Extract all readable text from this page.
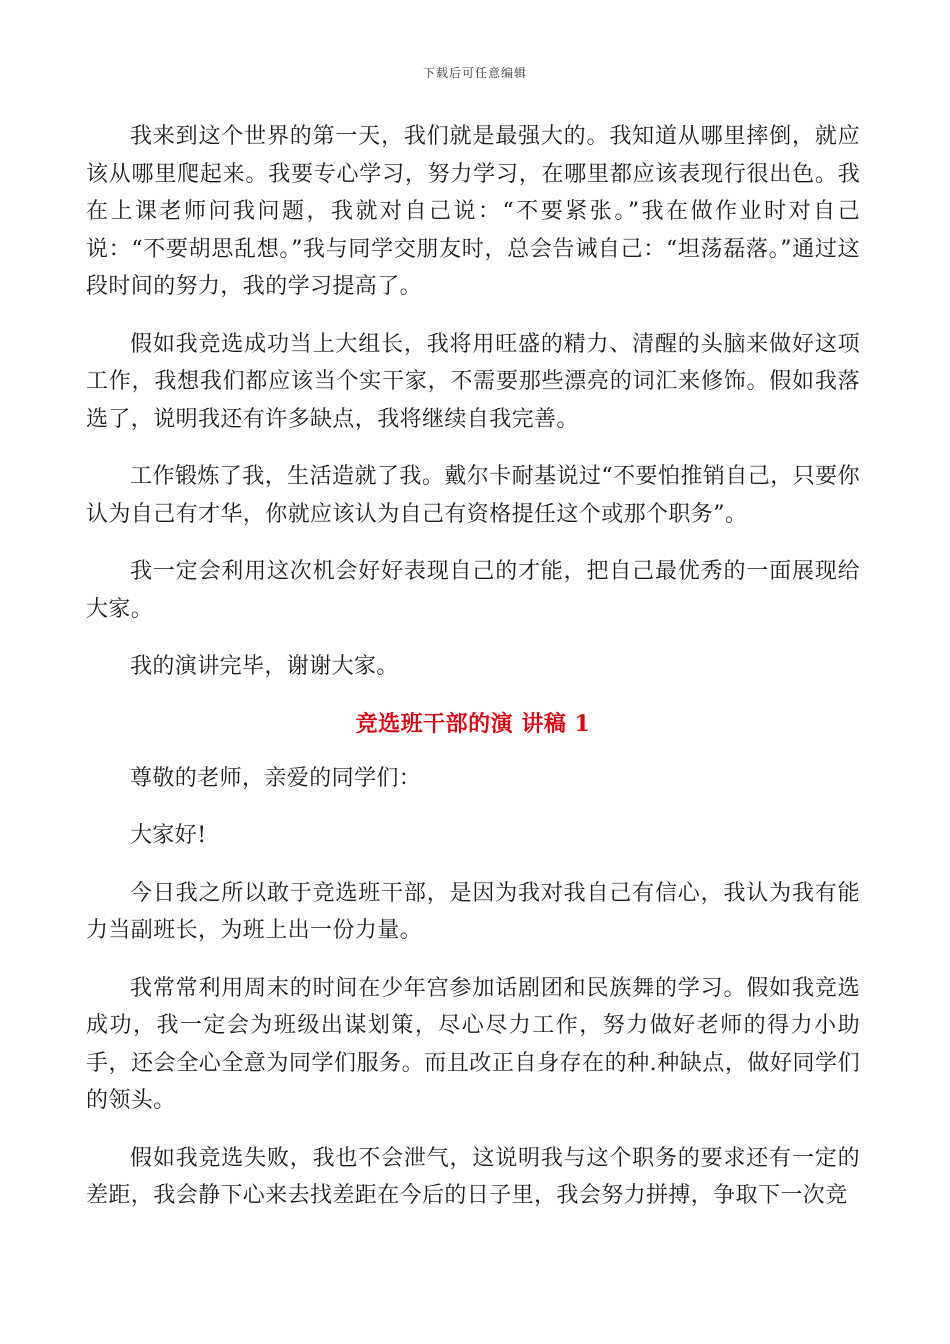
下载后可任意编辑

我来到这个世界的第一天，我们就是最强大的。我知道从哪里摔倒，就应该从哪里爬起来。我要专心学习，努力学习，在哪里都应该表现行很出色。我在上课老师问我问题，我就对自己说：“不要紧张。”我在做作业时对自己说：“不要胡思乱想。”我与同学交朋友时，总会告诫自己：“坦荡磊落。”通过这段时间的努力，我的学习提高了。

假如我竞选成功当上大组长，我将用旺盛的精力、清醒的头脑来做好这项工作，我想我们都应该当个实干家，不需要那些漂亮的词汇来修饰。假如我落选了，说明我还有许多缺点，我将继续自我完善。

工作锻炼了我，生活造就了我。戴尔卡耐基说过“不要怕推销自己，只要你认为自己有才华，你就应该认为自己有资格提任这个或那个职务”。

我一定会利用这次机会好好表现自己的才能，把自己最优秀的一面展现给大家。

我的演讲完毕，谢谢大家。

竞选班干部的演 讲稿 1

尊敬的老师，亲爱的同学们：

大家好!

今日我之所以敢于竞选班干部，是因为我对我自己有信心，我认为我有能力当副班长，为班上出一份力量。

我常常利用周末的时间在少年宫参加话剧团和民族舞的学习。假如我竞选成功，我一定会为班级出谋划策，尽心尽力工作，努力做好老师的得力小助手，还会全心全意为同学们服务。而且改正自身存在的种.种缺点，做好同学们的领头。

假如我竞选失败，我也不会泄气，这说明我与这个职务的要求还有一定的差距，我会静下心来去找差距在今后的日子里，我会努力拼搏，争取下一次竞
